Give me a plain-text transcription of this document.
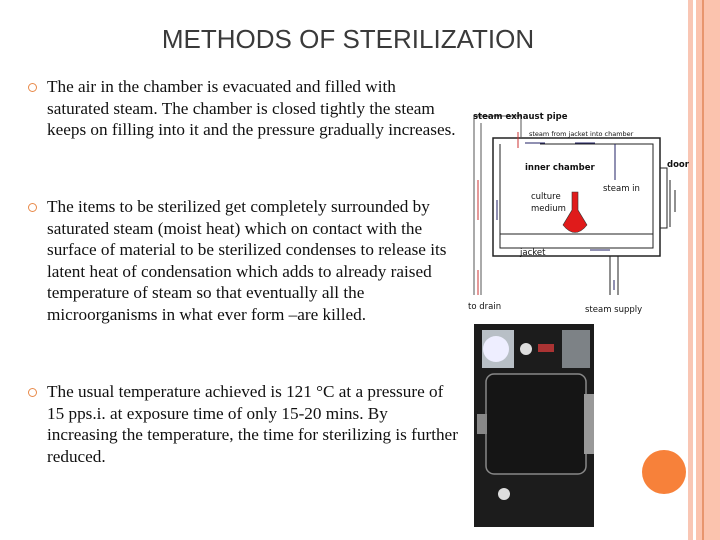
METHODS OF STERILIZATION
The air in the chamber is evacuated and filled with saturated steam. The chamber is closed tightly the steam keeps on filling into it and the pressure gradually increases.
The items to be sterilized get completely surrounded by saturated steam (moist heat) which on contact with the surface of material to be sterilized condenses to release its latent heat of condensation which adds to already raised temperature of steam so that eventually all the microorganisms in what ever form –are killed.
The usual temperature achieved is 121 °C at a pressure of 15 pps.i. at exposure time of only 15-20 mins. By increasing the temperature, the time for sterilizing is further reduced.
steam exhaust pipe
steam from jacket into chamber
inner chamber	door
steam in
culture
medium
jacket
to drain	steam supply
